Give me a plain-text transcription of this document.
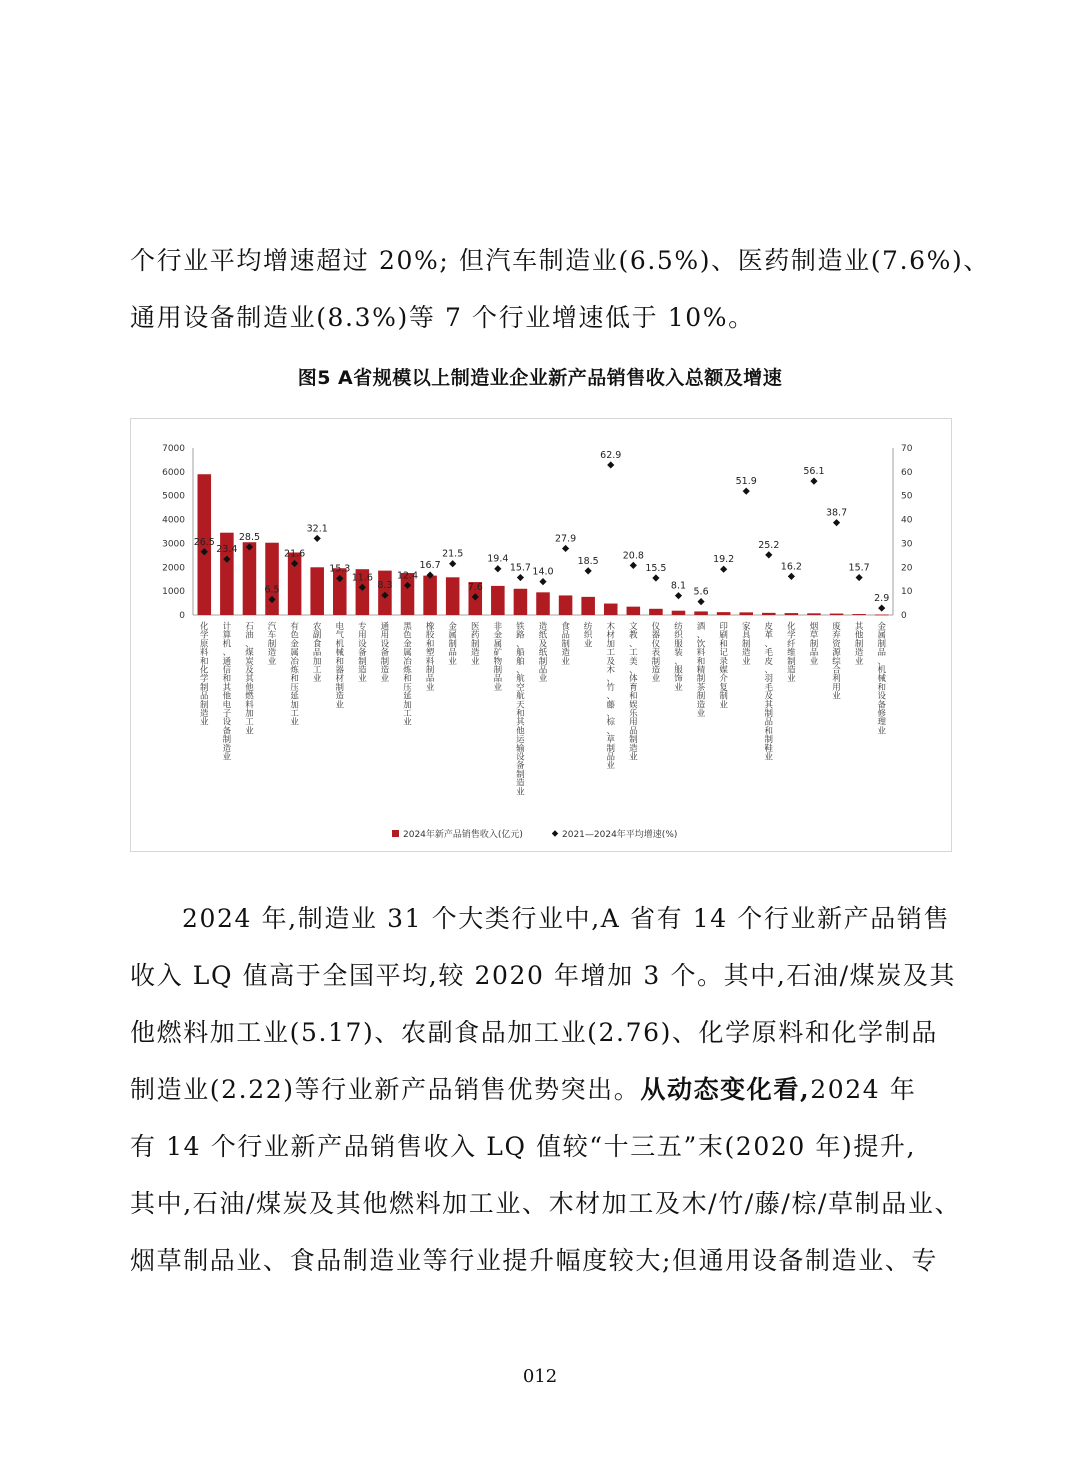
个行业平均增速超过 20%; 但汽车制造业(6.5%)、医药制造业(7.6%)、
通用设备制造业(8.3%)等 7 个行业增速低于 10%。

图5 A省规模以上制造业企业新产品销售收入总额及增速
0
1000
2000
3000
4000
5000
6000
7000
0
10
20
30
40
50
60
70
26.5
23.4
28.5
6.5
21.6
32.1
15.3
11.6
8.3
12.4
16.7
21.5
7.6
19.4
15.7 14.0
27.9
18.5
62.9
20.8
15.5
8.1
5.6
19.2
51.9
25.2
16.2
56.1
38.7
15.7
2.9
化学原料和化学制品制造业
计算机、通信和其他电子设备制造业
石油、煤炭及其他燃料加工业
汽车制造业
有色金属冶炼和压延加工业
农副食品加工业
电气机械和器材制造业
专用设备制造业
通用设备制造业
黑色金属冶炼和压延加工业
橡胶和塑料制品业
金属制品业
医药制造业
非金属矿物制品业
铁路、船舶、航空航天和其他运输设备制造业
造纸及纸制品业
食品制造业
纺织业
木材加工及木、竹、藤、棕、草制品业
文教、工美、体育和娱乐用品制造业
仪器仪表制造业
纺织服装、服饰业
酒、饮料和精制茶制造业
印刷和记录媒介复制业
家具制造业
皮革、毛皮、羽毛及其制品和制鞋业
化学纤维制造业
烟草制品业
废弃资源综合利用业
其他制造业
金属制品、机械和设备修理业
2024年新产品销售收入(亿元)	2021—2024年平均增速(%)

2024 年,制造业 31 个大类行业中,A 省有 14 个行业新产品销售
收入 LQ 值高于全国平均,较 2020 年增加 3 个。其中,石油/煤炭及其
他燃料加工业(5.17)、农副食品加工业(2.76)、化学原料和化学制品
制造业(2.22)等行业新产品销售优势突出。从动态变化看,2024 年
有 14 个行业新产品销售收入 LQ 值较“十三五”末(2020 年)提升,
其中,石油/煤炭及其他燃料加工业、木材加工及木/竹/藤/棕/草制品业、
烟草制品业、食品制造业等行业提升幅度较大;但通用设备制造业、专

012
